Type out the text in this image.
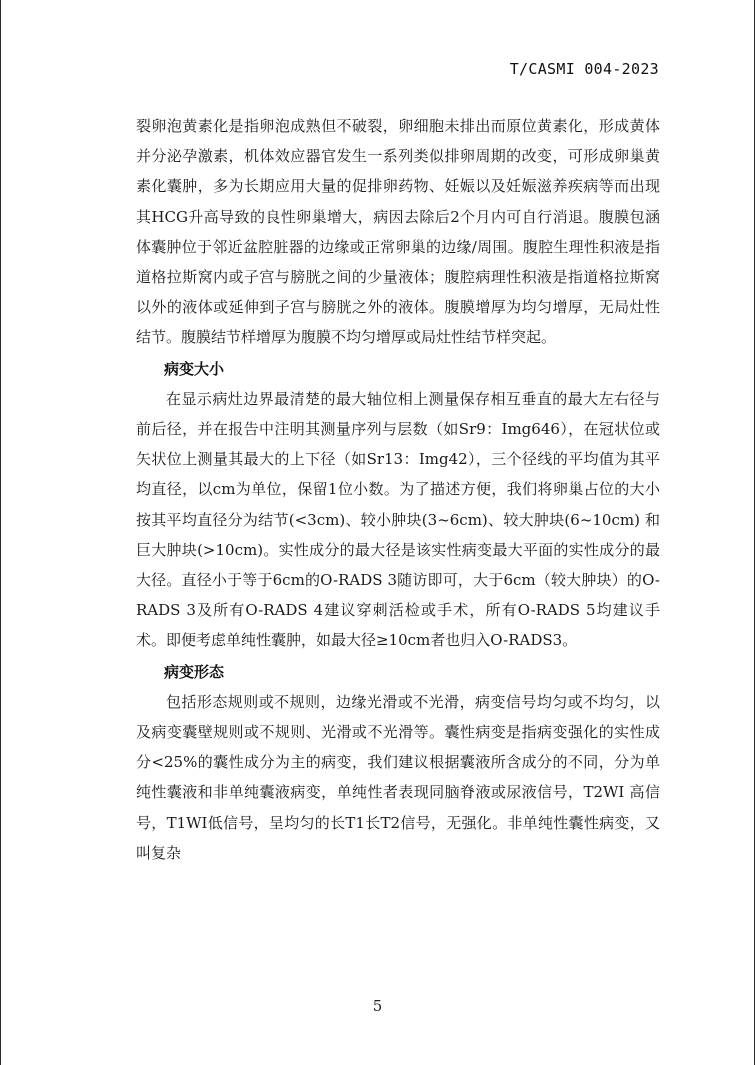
T/CASMI 004-2023

裂卵泡黄素化是指卵泡成熟但不破裂，卵细胞未排出而原位黄素化，形成黄体并分泌孕激素，机体效应器官发生一系列类似排卵周期的改变，可形成卵巢黄素化囊肿，多为长期应用大量的促排卵药物、妊娠以及妊娠滋养疾病等而出现其HCG升高导致的良性卵巢增大，病因去除后2个月内可自行消退。腹膜包涵体囊肿位于邻近盆腔脏器的边缘或正常卵巢的边缘/周围。腹腔生理性积液是指道格拉斯窝内或子宫与膀胱之间的少量液体；腹腔病理性积液是指道格拉斯窝以外的液体或延伸到子宫与膀胱之外的液体。腹膜增厚为均匀增厚，无局灶性结节。腹膜结节样增厚为腹膜不均匀增厚或局灶性结节样突起。

病变大小

在显示病灶边界最清楚的最大轴位相上测量保存相互垂直的最大左右径与前后径，并在报告中注明其测量序列与层数（如Sr9：Img646），在冠状位或矢状位上测量其最大的上下径（如Sr13：Img42），三个径线的平均值为其平均直径，以cm为单位，保留1位小数。为了描述方便，我们将卵巢占位的大小按其平均直径分为结节(<3cm)、较小肿块(3~6cm)、较大肿块(6~10cm) 和巨大肿块(>10cm)。实性成分的最大径是该实性病变最大平面的实性成分的最大径。直径小于等于6cm的O-RADS 3随访即可，大于6cm（较大肿块）的O-RADS 3及所有O-RADS 4建议穿刺活检或手术，所有O-RADS 5均建议手术。即便考虑单纯性囊肿，如最大径≥10cm者也归入O-RADS3。

病变形态

包括形态规则或不规则，边缘光滑或不光滑，病变信号均匀或不均匀，以及病变囊壁规则或不规则、光滑或不光滑等。囊性病变是指病变强化的实性成分<25%的囊性成分为主的病变，我们建议根据囊液所含成分的不同，分为单纯性囊液和非单纯囊液病变，单纯性者表现同脑脊液或尿液信号，T2WI 高信号，T1WI低信号，呈均匀的长T1长T2信号，无强化。非单纯性囊性病变，又叫复杂

5
